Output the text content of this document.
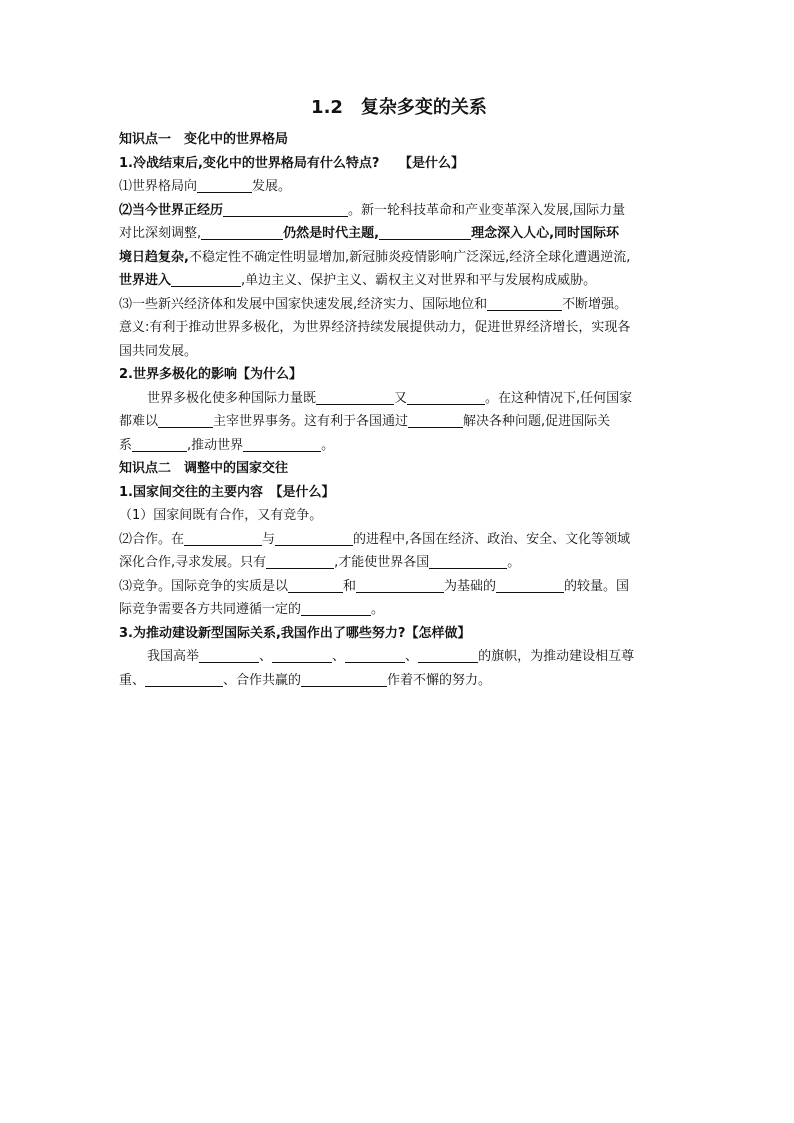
1.2　复杂多变的关系

知识点一　变化中的世界格局

1.冷战结束后,变化中的世界格局有什么特点?　　【是什么】

⑴世界格局向	发展。

⑵当今世界正经历	。新一轮科技革命和产业变革深入发展,国际力量

对比深刻调整,	仍然是时代主题,	理念深入人心,同时国际环

境日趋复杂,不稳定性不确定性明显增加,新冠肺炎疫情影响广泛深远,经济全球化遭遇逆流,

世界进入	,单边主义、保护主义、霸权主义对世界和平与发展构成威胁。

⑶一些新兴经济体和发展中国家快速发展,经济实力、国际地位和	不断增强。

意义:有利于推动世界多极化，为世界经济持续发展提供动力，促进世界经济增长，实现各

国共同发展。

2.世界多极化的影响【为什么】

世界多极化使多种国际力量既	又	。在这种情况下,任何国家

都难以	主宰世界事务。这有利于各国通过	解决各种问题,促进国际关

系	,推动世界	。

知识点二　调整中的国家交往

1.国家间交往的主要内容　【是什么】

（1）国家间既有合作，又有竞争。

⑵合作。在	与	的进程中,各国在经济、政治、安全、文化等领域

深化合作,寻求发展。只有	,才能使世界各国	。

⑶竞争。国际竞争的实质是以	和	为基础的	的较量。国

际竞争需要各方共同遵循一定的	。

3.为推动建设新型国际关系,我国作出了哪些努力?【怎样做】

我国高举	、	、	、	的旗帜，为推动建设相互尊

重、	、合作共赢的	作着不懈的努力。
